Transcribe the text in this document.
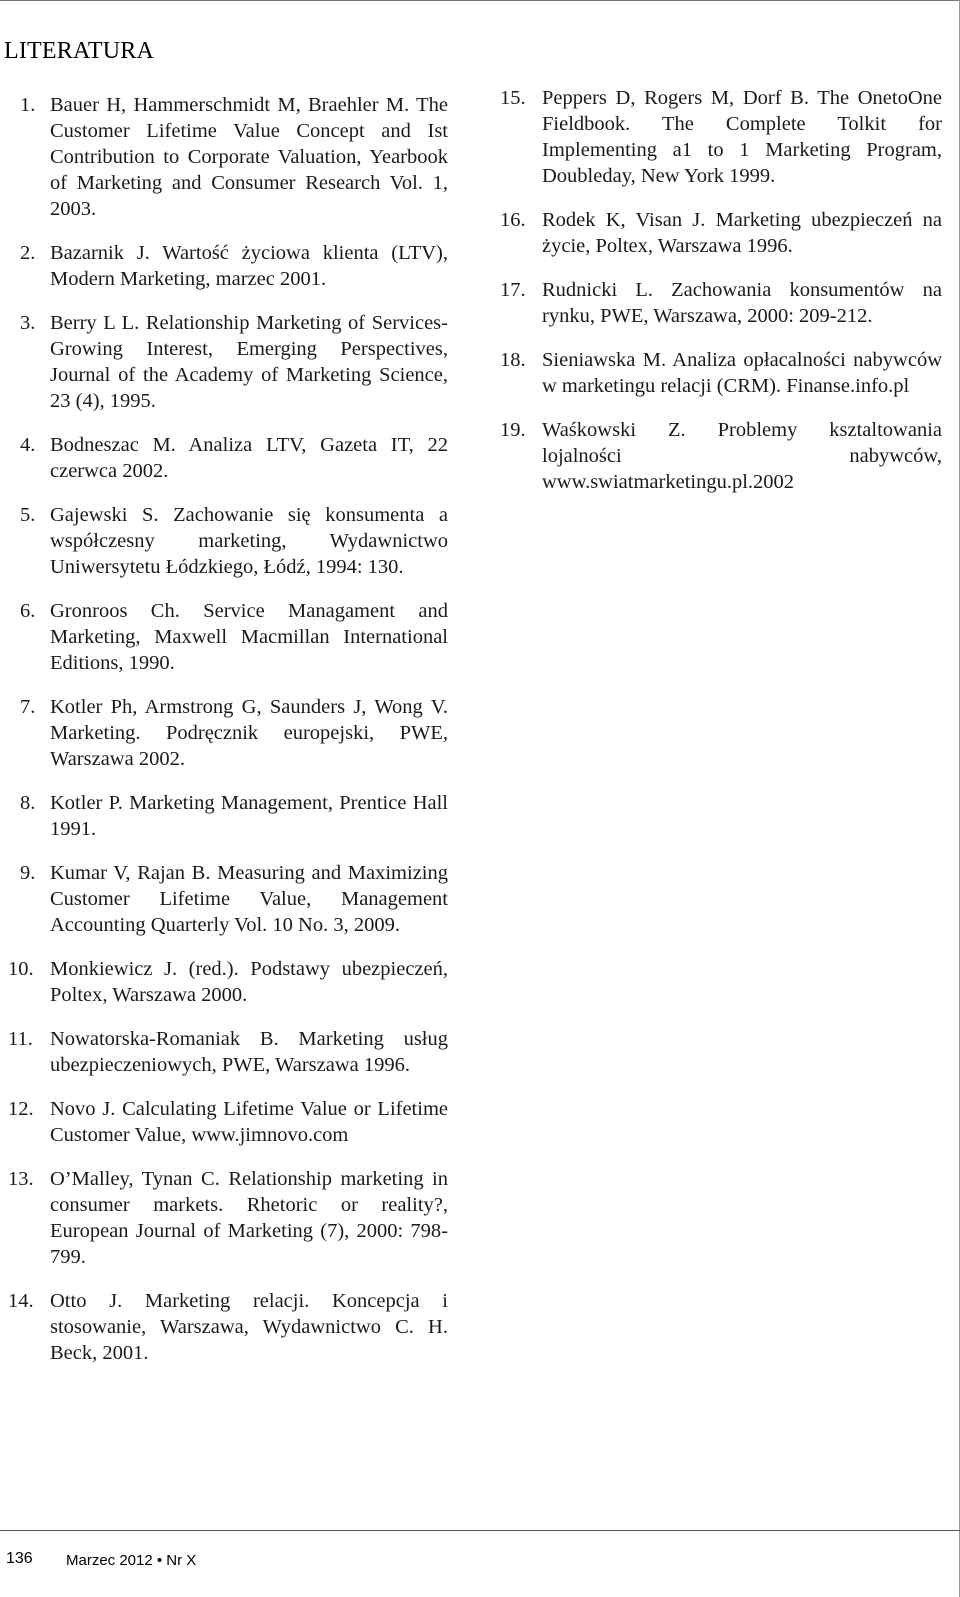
LITERATURA
1. Bauer H, Hammerschmidt M, Braehler M. The Customer Lifetime Value Concept and Ist Contribution to Corporate Valuation, Yearbook of Marketing and Consumer Research Vol. 1, 2003.
2. Bazarnik J. Wartość życiowa klienta (LTV), Modern Marketing, marzec 2001.
3. Berry L L. Relationship Marketing of Services-Growing Interest, Emerging Perspectives, Journal of the Academy of Marketing Science, 23 (4), 1995.
4. Bodneszac M. Analiza LTV, Gazeta IT, 22 czerwca 2002.
5. Gajewski S. Zachowanie się konsumenta a współczesny marketing, Wydawnictwo Uniwersytetu Łódzkiego, Łódź, 1994: 130.
6. Gronroos Ch. Service Managament and Marketing, Maxwell Macmillan International Editions, 1990.
7. Kotler Ph, Armstrong G, Saunders J, Wong V. Marketing. Podręcznik europejski, PWE, Warszawa 2002.
8. Kotler P. Marketing Management, Prentice Hall 1991.
9. Kumar V, Rajan B. Measuring and Maximizing Customer Lifetime Value, Management Accounting Quarterly Vol. 10 No. 3, 2009.
10. Monkiewicz J. (red.). Podstawy ubezpieczeń, Poltex, Warszawa 2000.
11. Nowatorska-Romaniak B. Marketing usług ubezpieczeniowych, PWE, Warszawa 1996.
12. Novo J. Calculating Lifetime Value or Lifetime Customer Value, www.jimnovo.com
13. O’Malley, Tynan C. Relationship marketing in consumer markets. Rhetoric or reality?, European Journal of Marketing (7), 2000: 798-799.
14. Otto J. Marketing relacji. Koncepcja i stosowanie, Warszawa, Wydawnictwo C. H. Beck, 2001.
15. Peppers D, Rogers M, Dorf B. The OnetoOne Fieldbook. The Complete Tolkit for Implementing a1 to 1 Marketing Program, Doubleday, New York 1999.
16. Rodek K, Visan J. Marketing ubezpieczeń na życie, Poltex, Warszawa 1996.
17. Rudnicki L. Zachowania konsumentów na rynku, PWE, Warszawa, 2000: 209-212.
18. Sieniawska M. Analiza opłacalności nabywców w marketingu relacji (CRM). Finanse.info.pl
19. Waśkowski Z. Problemy ksztaltowania lojalności nabywców, www.swiatmarketingu.pl.2002
136 Marzec 2012 • Nr X
